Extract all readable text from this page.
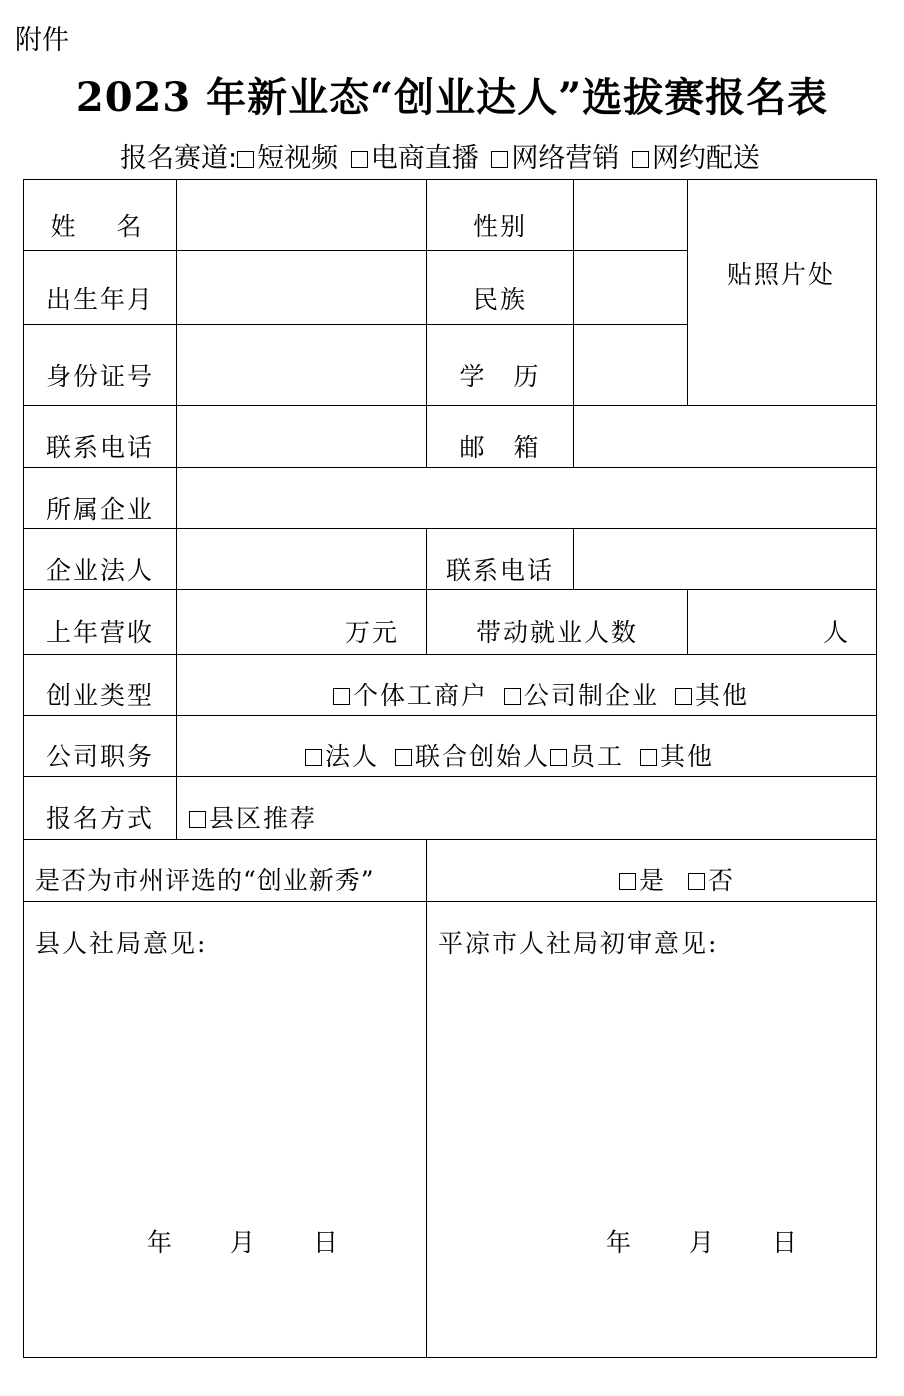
附件
2023 年新业态“创业达人”选拔赛报名表
报名赛道: 短视频 电商直播 网络营销 网约配送
姓　名	性别
贴照片处
出生年月	民族
身份证号	学　历
联系电话	邮　箱
所属企业
企业法人	联系电话
上年营收	万元	带动就业人数	人
创业类型	个体工商户 公司制企业 其他
公司职务	法人 联合创始人 员工 其他
报名方式	县区推荐
是否为市州评选的“创业新秀”	是 否
县人社局意见:	平凉市人社局初审意见:
年 月 日	年 月 日
